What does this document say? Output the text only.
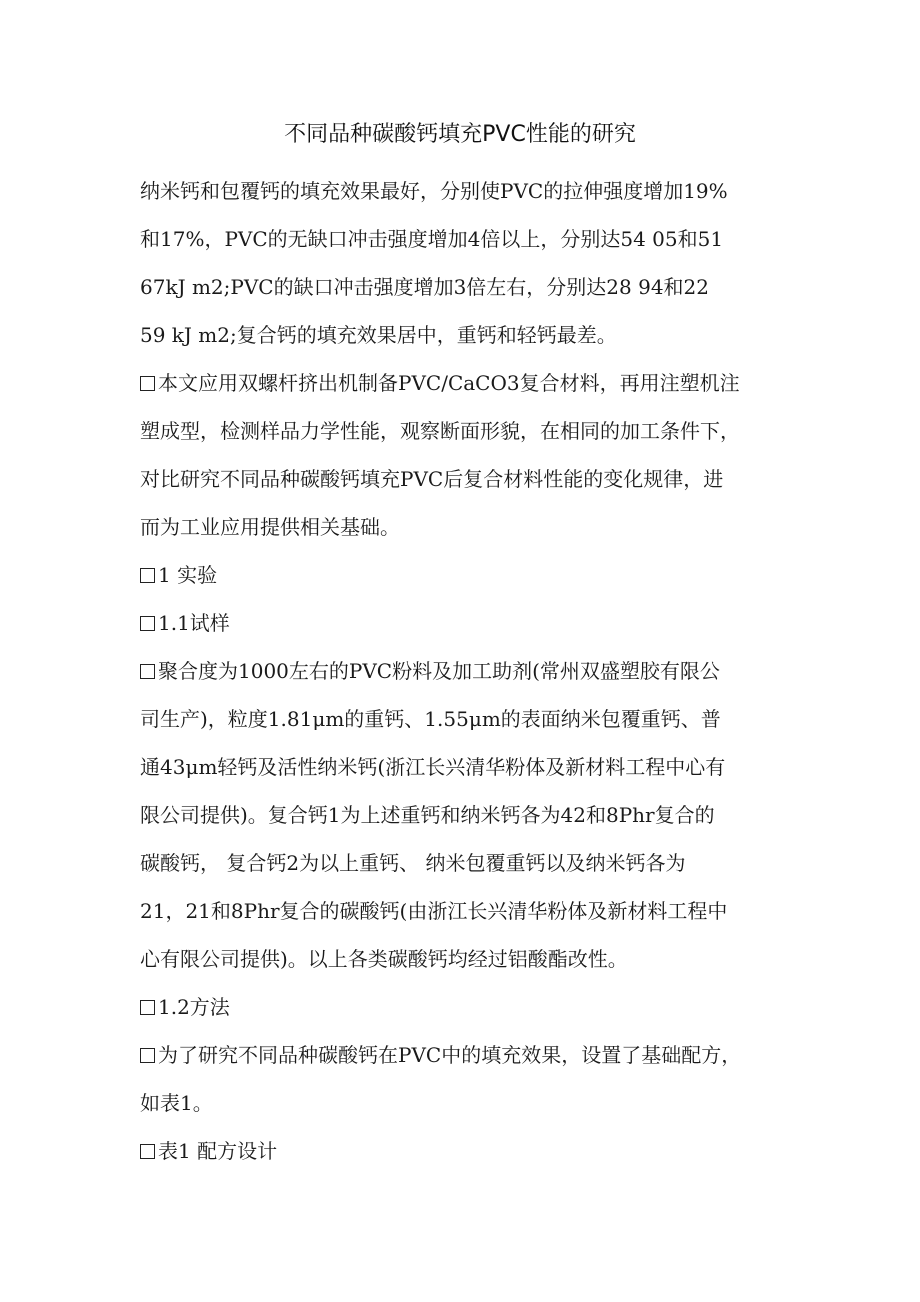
不同品种碳酸钙填充PVC性能的研究
纳米钙和包覆钙的填充效果最好，分别使PVC的拉伸强度增加19%
和17%，PVC的无缺口冲击强度增加4倍以上，分别达54 05和51
67kJ m2;PVC的缺口冲击强度增加3倍左右，分别达28 94和22
59 kJ m2;复合钙的填充效果居中，重钙和轻钙最差。
本文应用双螺杆挤出机制备PVC/CaCO3复合材料，再用注塑机注
塑成型，检测样品力学性能，观察断面形貌，在相同的加工条件下，
对比研究不同品种碳酸钙填充PVC后复合材料性能的变化规律，进
而为工业应用提供相关基础。
1 实验
1.1试样
聚合度为1000左右的PVC粉料及加工助剂(常州双盛塑胶有限公
司生产)，粒度1.81μm的重钙、1.55μm的表面纳米包覆重钙、普
通43μm轻钙及活性纳米钙(浙江长兴清华粉体及新材料工程中心有
限公司提供)。复合钙1为上述重钙和纳米钙各为42和8Phr复合的
碳酸钙， 复合钙2为以上重钙、 纳米包覆重钙以及纳米钙各为
21，21和8Phr复合的碳酸钙(由浙江长兴清华粉体及新材料工程中
心有限公司提供)。以上各类碳酸钙均经过铝酸酯改性。
1.2方法
为了研究不同品种碳酸钙在PVC中的填充效果，设置了基础配方，
如表1。
表1 配方设计
